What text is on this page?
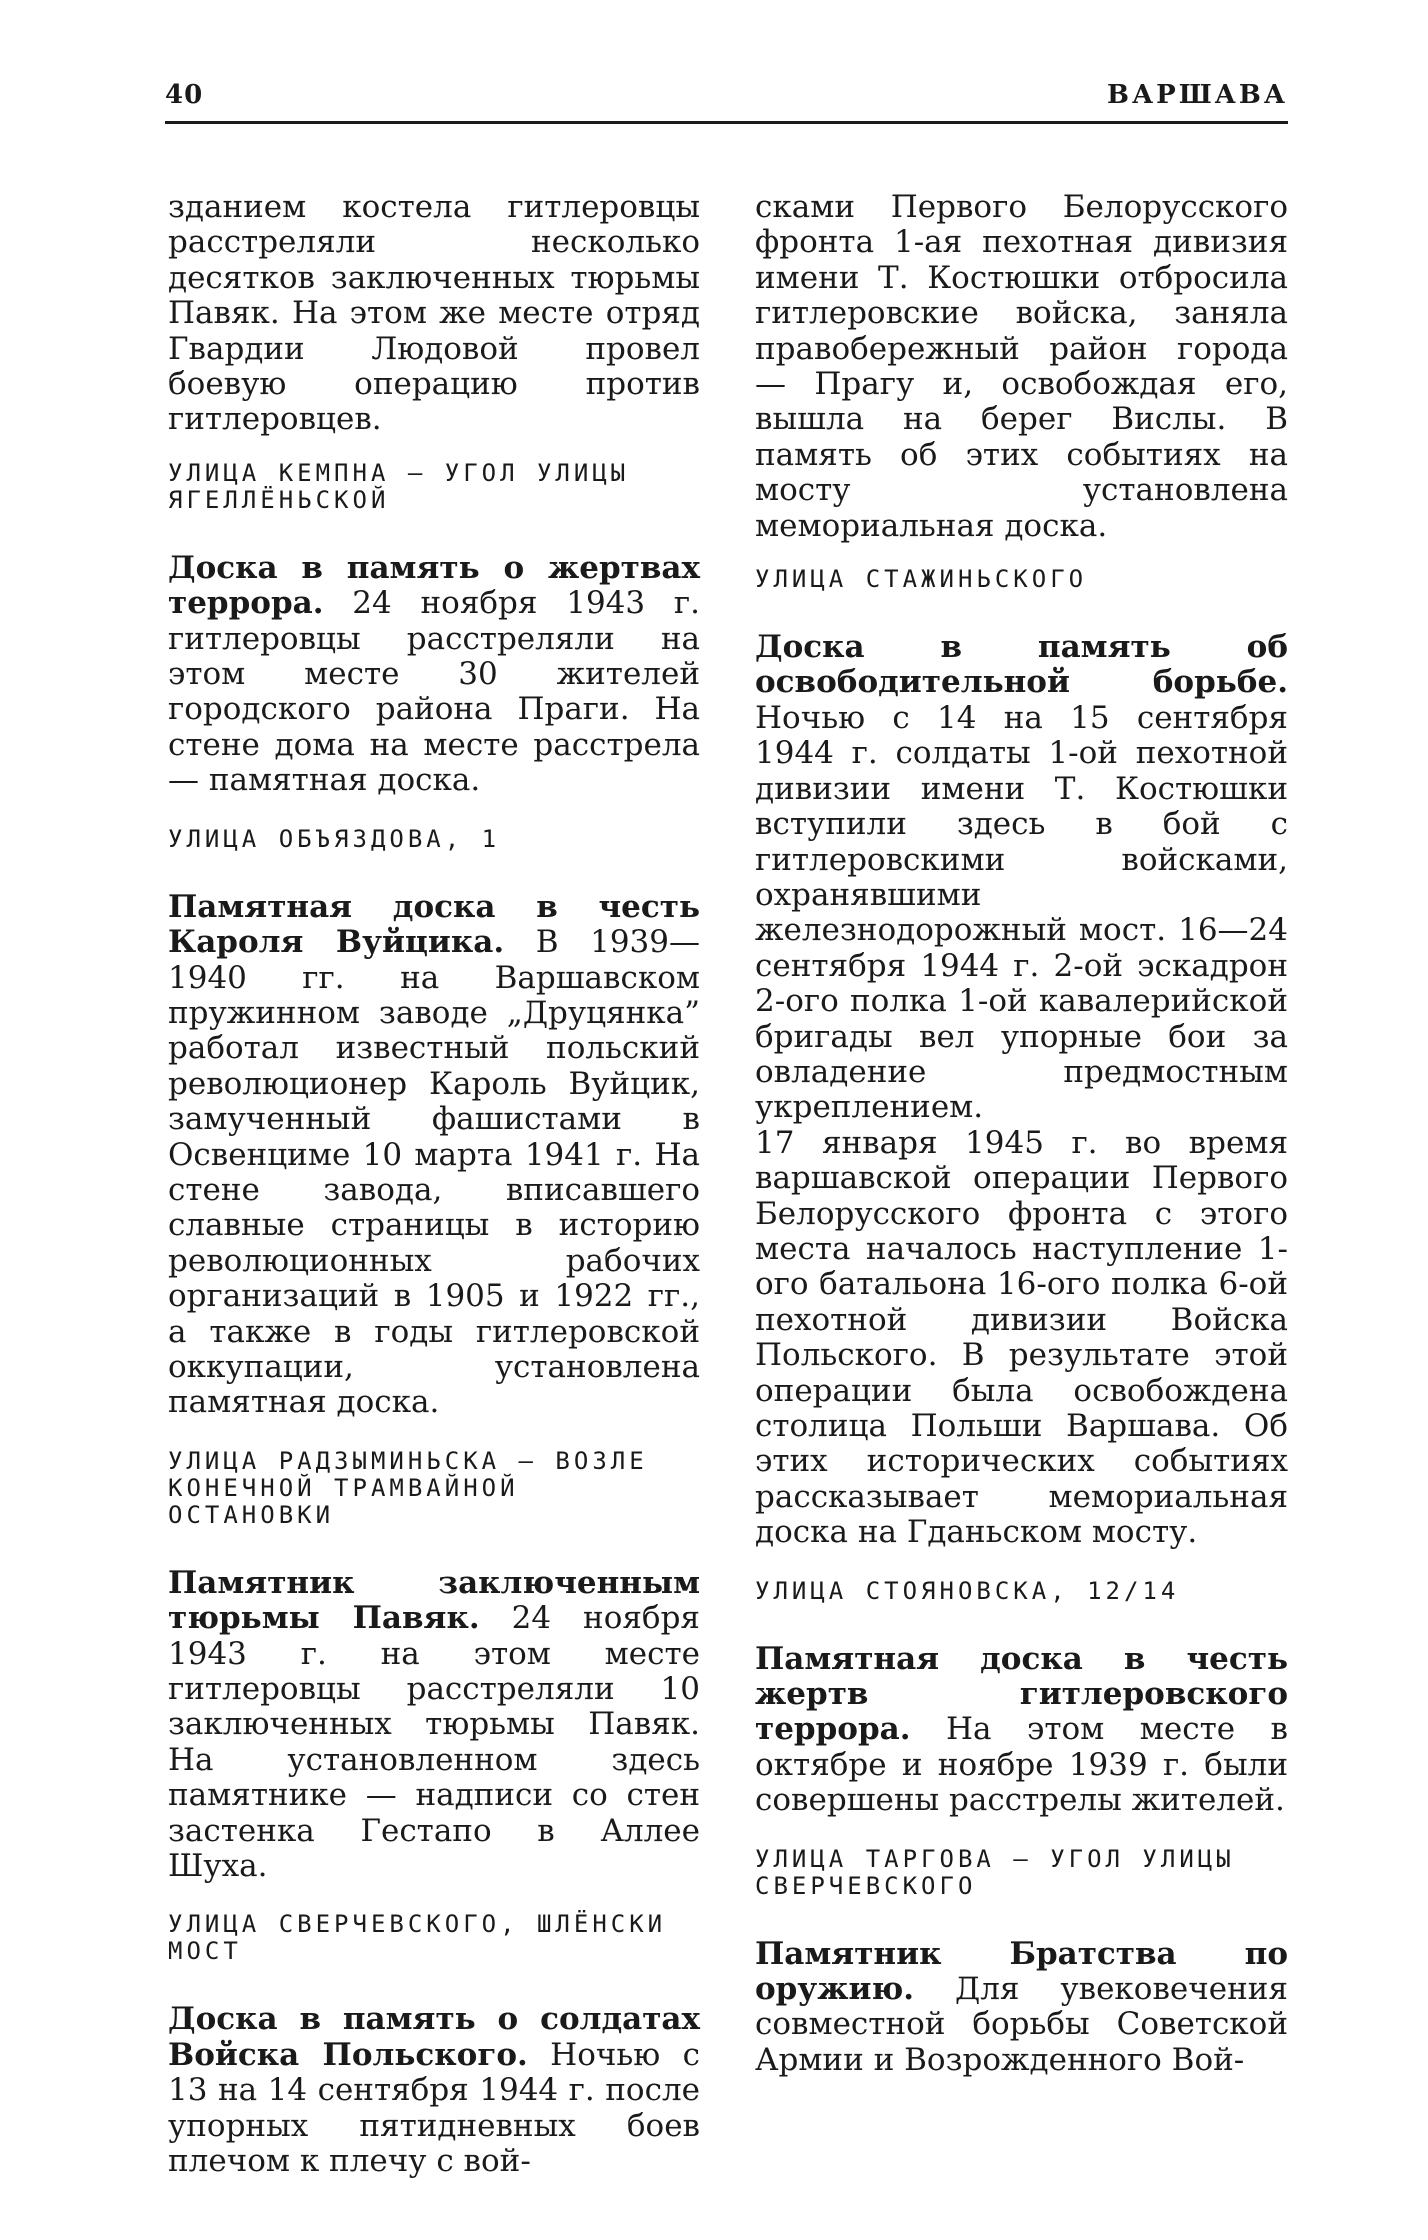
40	ВАРШАВА

зданием костела гитлеровцы расстреляли несколько десятков заключенных тюрьмы Павяк. На этом же месте отряд Гвардии Людовой провел боевую операцию против гитлеровцев.

УЛИЦА КЕМПНА — УГОЛ УЛИЦЫ ЯГЕЛЛЁНЬСКОЙ

Доска в память о жертвах террора. 24 ноября 1943 г. гитлеровцы расстреляли на этом месте 30 жителей городского района Праги. На стене дома на месте расстрела — памятная доска.

УЛИЦА ОБЪЯЗДОВА, 1

Памятная доска в честь Кароля Вуйцика. В 1939—1940 гг. на Варшавском пружинном заводе „Друцянка” работал известный польский революционер Кароль Вуйцик, замученный фашистами в Освенциме 10 марта 1941 г. На стене завода, вписавшего славные страницы в историю революционных рабочих организаций в 1905 и 1922 гг., а также в годы гитлеровской оккупации, установлена памятная доска.

УЛИЦА РАДЗЫМИНЬСКА — ВОЗЛЕ КОНЕЧНОЙ ТРАМВАЙНОЙ ОСТАНОВКИ

Памятник заключенным тюрьмы Павяк. 24 ноября 1943 г. на этом месте гитлеровцы расстреляли 10 заключенных тюрьмы Павяк. На установленном здесь памятнике — надписи со стен застенка Гестапо в Аллее Шуха.

УЛИЦА СВЕРЧЕВСКОГО, ШЛЁНСКИ МОСТ

Доска в память о солдатах Войска Польского. Ночью с 13 на 14 сентября 1944 г. после упорных пятидневных боев плечом к плечу с вой-

сками Первого Белорусского фронта 1-ая пехотная дивизия имени Т. Костюшки отбросила гитлеровские войска, заняла правобережный район города — Прагу и, освобождая его, вышла на берег Вислы. В память об этих событиях на мосту установлена мемориальная доска.

УЛИЦА СТАЖИНЬСКОГО

Доска в память об освободительной борьбе. Ночью с 14 на 15 сентября 1944 г. солдаты 1-ой пехотной дивизии имени Т. Костюшки вступили здесь в бой с гитлеровскими войсками, охранявшими железнодорожный мост. 16—24 сентября 1944 г. 2-ой эскадрон 2-ого полка 1-ой кавалерийской бригады вел упорные бои за овладение предмостным укреплением.

17 января 1945 г. во время варшавской операции Первого Белорусского фронта с этого места началось наступление 1-ого батальона 16-ого полка 6-ой пехотной дивизии Войска Польского. В результате этой операции была освобождена столица Польши Варшава. Об этих исторических событиях рассказывает мемориальная доска на Гданьском мосту.

УЛИЦА СТОЯНОВСКА, 12/14

Памятная доска в честь жертв гитлеровского террора. На этом месте в октябре и ноябре 1939 г. были совершены расстрелы жителей.

УЛИЦА ТАРГОВА — УГОЛ УЛИЦЫ СВЕРЧЕВСКОГО

Памятник Братства по оружию. Для увековечения совместной борьбы Советской Армии и Возрожденного Вой-
